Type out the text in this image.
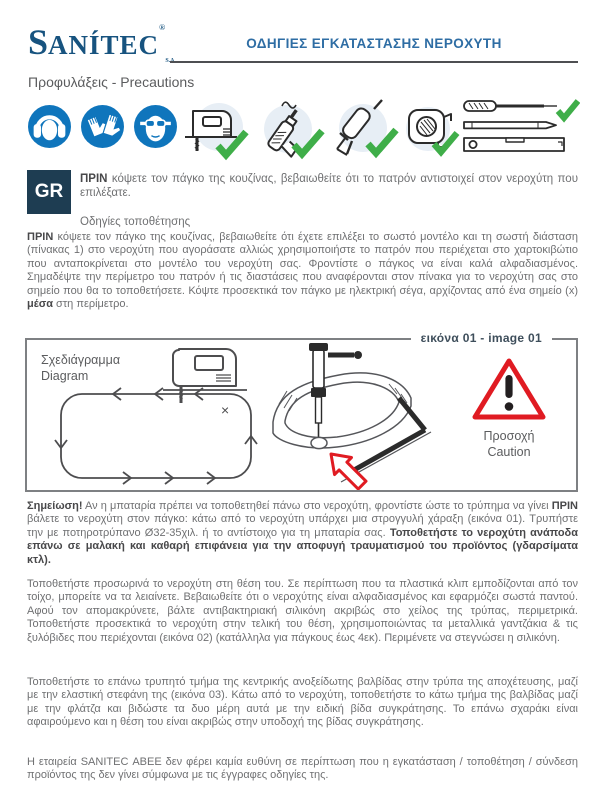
SANÍTEC®
S.A.
ΟΔΗΓΙΕΣ ΕΓΚΑΤΑΣΤΑΣΗΣ ΝΕΡΟΧΥΤΗ
Προφυλάξεις - Precautions
GR

ΠΡΙΝ κόψετε τον πάγκο της κουζίνας, βεβαιωθείτε ότι το πατρόν αντιστοιχεί στον νεροχύτη που επιλέξατε.

Οδηγίες τοποθέτησης

ΠΡΙΝ κόψετε τον πάγκο της κουζίνας, βεβαιωθείτε ότι έχετε επιλέξει το σωστό μοντέλο και τη σωστή διάσταση (πίνακας 1) στο νεροχύτη που αγοράσατε αλλιώς χρησιμοποιήστε το πατρόν που περιέχεται στο χαρτοκιβώτιο που ανταποκρίνεται στο μοντέλο του νεροχύτη σας. Φροντίστε ο πάγκος να είναι καλά αλφαδιασμένος. Σημαδέψτε την περίμετρο του πατρόν ή τις διαστάσεις που αναφέρονται στον πίνακα για το νεροχύτη σας στο σημείο που θα το τοποθετήσετε. Κόψτε προσεκτικά τον πάγκο με ηλεκτρική σέγα, αρχίζοντας από ένα σημείο (x) μέσα στη περίμετρο.

εικόνα 01 - image 01
Σχεδιάγραμμα
Diagram
×
Προσοχή
Caution

Σημείωση! Αν η μπαταρία πρέπει να τοποθετηθεί πάνω στο νεροχύτη, φροντίστε ώστε το τρύπημα να γίνει ΠΡΙΝ βάλετε το νεροχύτη στον πάγκο: κάτω από το νεροχύτη υπάρχει μια στρογγυλή χάραξη (εικόνα 01). Τρυπήστε την με ποτηροτρύπανο Ø32-35χιλ. ή το αντίστοιχο για τη μπαταρία σας. Τοποθετήστε το νεροχύτη ανάποδα επάνω σε μαλακή και καθαρή επιφάνεια για την αποφυγή τραυματισμού του προϊόντος (γδαρσίματα κτλ).

Τοποθετήστε προσωρινά το νεροχύτη στη θέση του. Σε περίπτωση που τα πλαστικά κλιπ εμποδίζονται από τον τοίχο, μπορείτε να τα λειαίνετε. Βεβαιωθείτε ότι ο νεροχύτης είναι αλφαδιασμένος και εφαρμόζει σωστά παντού. Αφού τον απομακρύνετε, βάλτε αντιβακτηριακή σιλικόνη ακριβώς στο χείλος της τρύπας, περιμετρικά. Τοποθετήστε προσεκτικά το νεροχύτη στην τελική του θέση, χρησιμοποιώντας τα μεταλλικά γαντζάκια & τις ξυλόβιδες που περιέχονται (εικόνα 02) (κατάλληλα για πάγκους έως 4εκ). Περιμένετε να στεγνώσει η σιλικόνη.

Τοποθετήστε το επάνω τρυπητό τμήμα της κεντρικής ανοξείδωτης βαλβίδας στην τρύπα της αποχέτευσης, μαζί με την ελαστική στεφάνη της (εικόνα 03). Κάτω από το νεροχύτη, τοποθετήστε το κάτω τμήμα της βαλβίδας μαζί με την φλάτζα και βιδώστε τα δυο μέρη αυτά με την ειδική βίδα συγκράτησης. Το επάνω σχαράκι είναι αφαιρούμενο και η θέση του είναι ακριβώς στην υποδοχή της βίδας συγκράτησης.

Η εταιρεία SANITEC ΑΒΕΕ δεν φέρει καμία ευθύνη σε περίπτωση που η εγκατάσταση / τοποθέτηση / σύνδεση προϊόντος της δεν γίνει σύμφωνα με τις έγγραφες οδηγίες της.
